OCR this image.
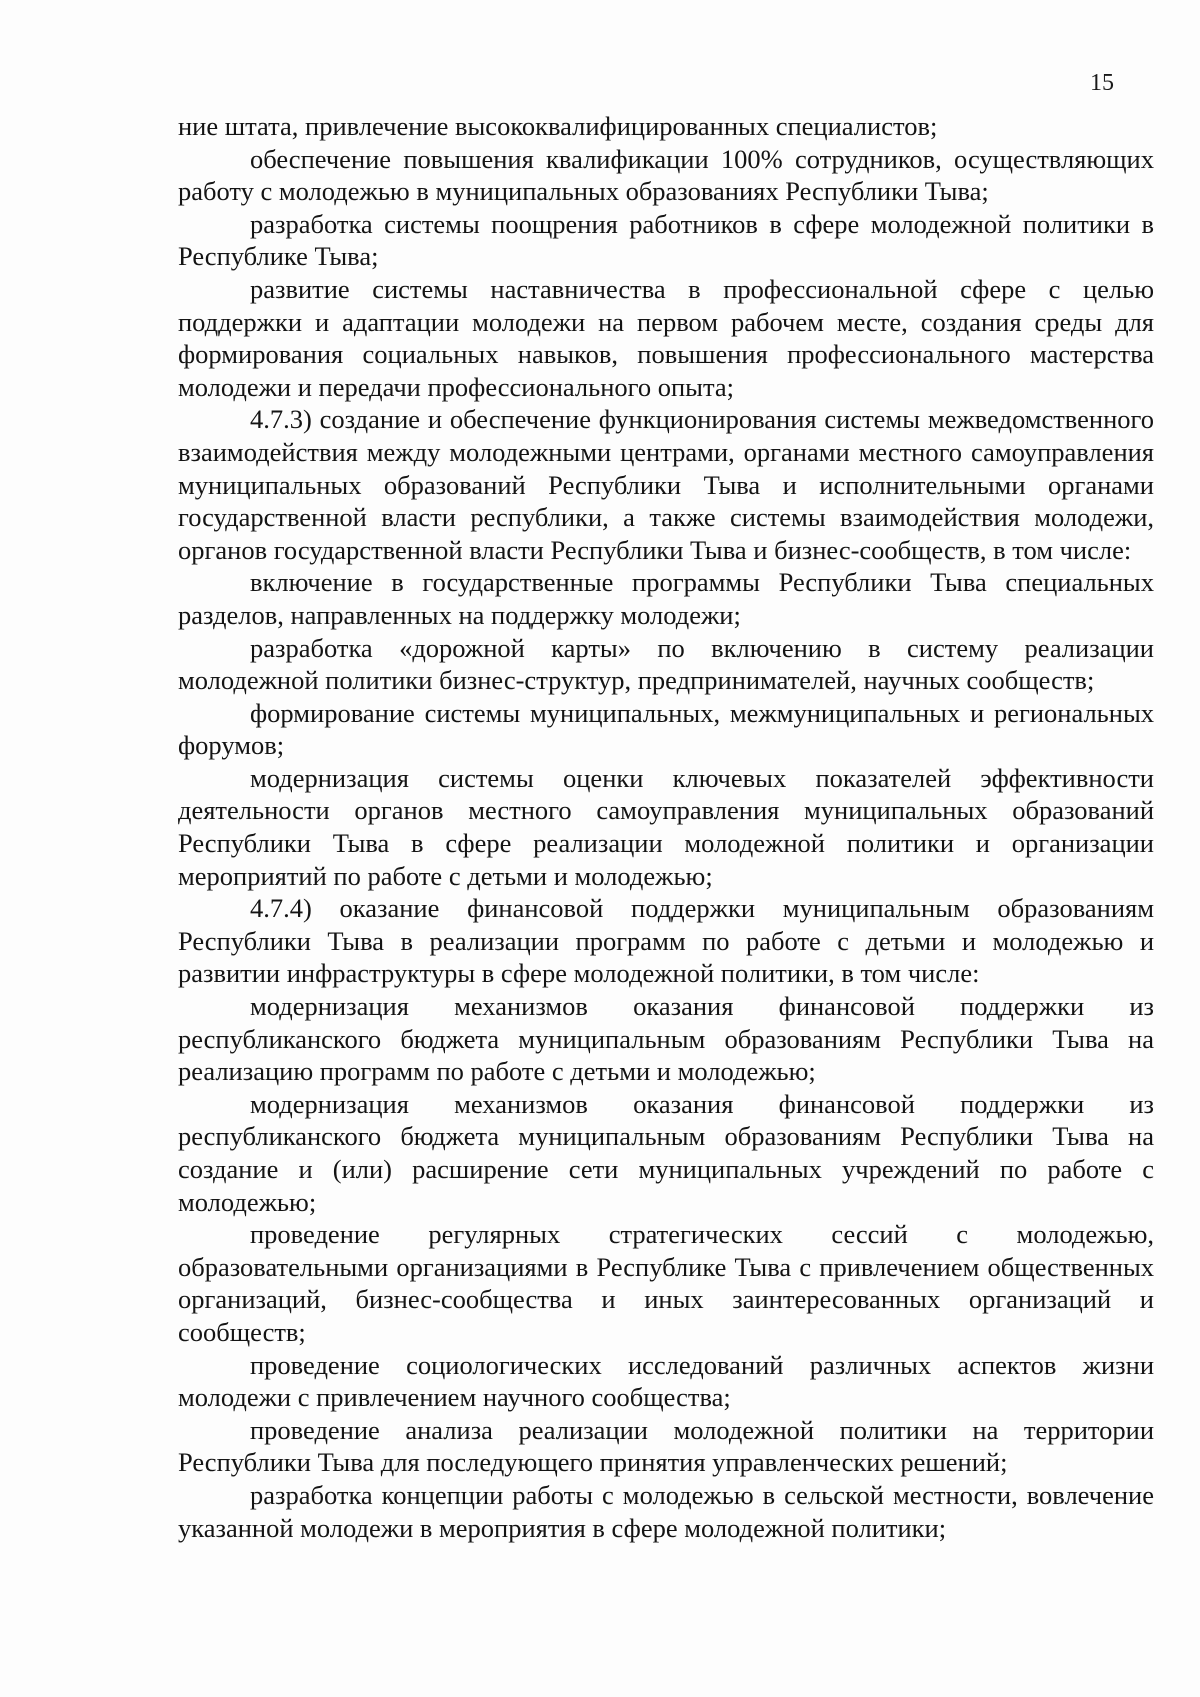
15

ние штата, привлечение высококвалифицированных специалистов;

обеспечение повышения квалификации 100% сотрудников, осуществляющих работу с молодежью в муниципальных образованиях Республики Тыва;

разработка системы поощрения работников в сфере молодежной политики в Республике Тыва;

развитие системы наставничества в профессиональной сфере с целью поддержки и адаптации молодежи на первом рабочем месте, создания среды для формирования социальных навыков, повышения профессионального мастерства молодежи и передачи профессионального опыта;

4.7.3) создание и обеспечение функционирования системы межведомственного взаимодействия между молодежными центрами, органами местного самоуправления муниципальных образований Республики Тыва и исполнительными органами государственной власти республики, а также системы взаимодействия молодежи, органов государственной власти Республики Тыва и бизнес-сообществ, в том числе:

включение в государственные программы Республики Тыва специальных разделов, направленных на поддержку молодежи;

разработка «дорожной карты» по включению в систему реализации молодежной политики бизнес-структур, предпринимателей, научных сообществ;

формирование системы муниципальных, межмуниципальных и региональных форумов;

модернизация системы оценки ключевых показателей эффективности деятельности органов местного самоуправления муниципальных образований Республики Тыва в сфере реализации молодежной политики и организации мероприятий по работе с детьми и молодежью;

4.7.4) оказание финансовой поддержки муниципальным образованиям Республики Тыва в реализации программ по работе с детьми и молодежью и развитии инфраструктуры в сфере молодежной политики, в том числе:

модернизация механизмов оказания финансовой поддержки из республиканского бюджета муниципальным образованиям Республики Тыва на реализацию программ по работе с детьми и молодежью;

модернизация механизмов оказания финансовой поддержки из республиканского бюджета муниципальным образованиям Республики Тыва на создание и (или) расширение сети муниципальных учреждений по работе с молодежью;

проведение регулярных стратегических сессий с молодежью, образовательными организациями в Республике Тыва с привлечением общественных организаций, бизнес-сообщества и иных заинтересованных организаций и сообществ;

проведение социологических исследований различных аспектов жизни молодежи с привлечением научного сообщества;

проведение анализа реализации молодежной политики на территории Республики Тыва для последующего принятия управленческих решений;

разработка концепции работы с молодежью в сельской местности, вовлечение указанной молодежи в мероприятия в сфере молодежной политики;
